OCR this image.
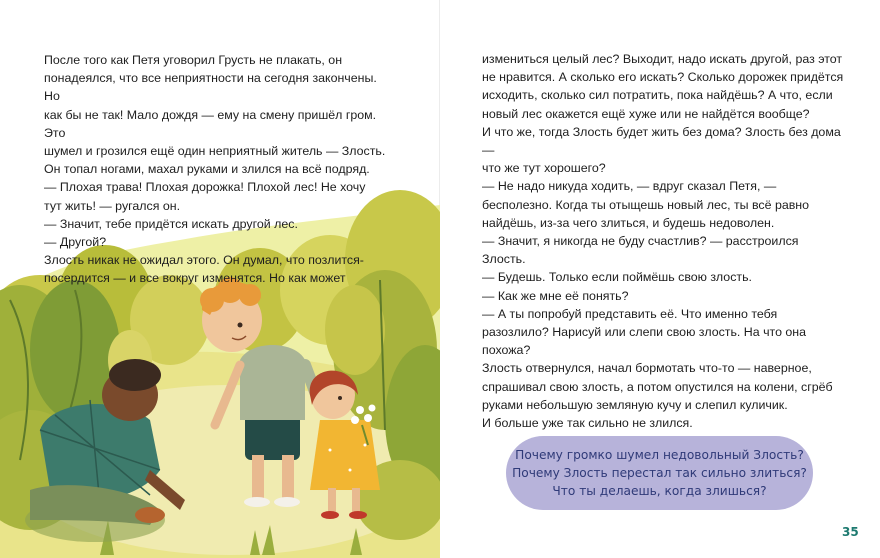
После того как Петя уговорил Грусть не плакать, он
понадеялся, что все неприятности на сегодня закончены. Но
как бы не так! Мало дождя — ему на смену пришёл гром. Это
шумел и грозился ещё один неприятный житель — Злость.
Он топал ногами, махал руками и злился на всё подряд.
— Плохая трава! Плохая дорожка! Плохой лес! Не хочу
тут жить! — ругался он.
— Значит, тебе придётся искать другой лес.
— Другой?
Злость никак не ожидал этого. Он думал, что позлится-
посердится — и все вокруг изменятся. Но как может

измениться целый лес? Выходит, надо искать другой, раз этот
не нравится. А сколько его искать? Сколько дорожек придётся
исходить, сколько сил потратить, пока найдёшь? А что, если
новый лес окажется ещё хуже или не найдётся вообще?
И что же, тогда Злость будет жить без дома? Злость без дома —
что же тут хорошего?
— Не надо никуда ходить, — вдруг сказал Петя, —
бесполезно. Когда ты отыщешь новый лес, ты всё равно
найдёшь, из-за чего злиться, и будешь недоволен.
— Значит, я никогда не буду счастлив? — расстроился
Злость.
— Будешь. Только если поймёшь свою злость.
— Как же мне её понять?
— А ты попробуй представить её. Что именно тебя
разозлило? Нарисуй или слепи свою злость. На что она
похожа?
Злость отвернулся, начал бормотать что-то — наверное,
спрашивал свою злость, а потом опустился на колени, сгрёб
руками небольшую земляную кучу и слепил куличик.
И больше уже так сильно не злился.

Почему громко шумел недовольный Злость?
Почему Злость перестал так сильно злиться?
Что ты делаешь, когда злишься?
35
